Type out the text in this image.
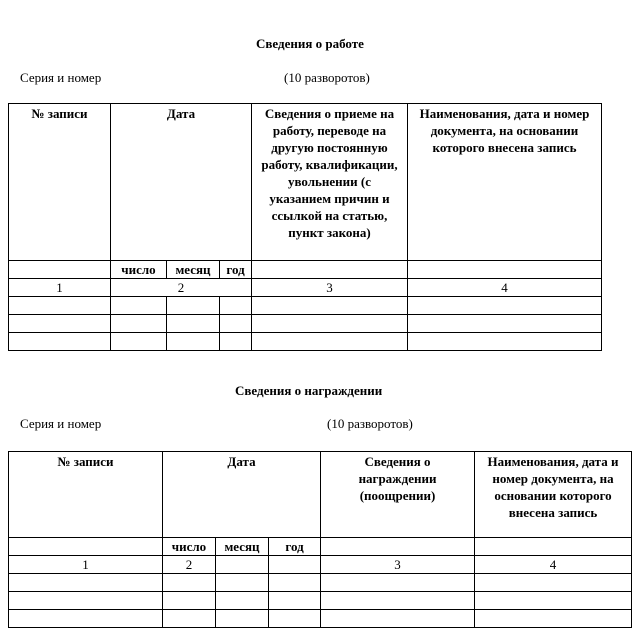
Сведения о работе
Серия и номер	(10 разворотов)
№ записи	Дата			Сведения о приеме на работу, переводе на другую постоянную работу, квалификации, увольнении (с указанием причин и ссылкой на статью, пункт закона)	Наименования, дата и номер документа, на основании которого внесена запись
	число	месяц	год		
1	2			3	4

Сведения о награждении
Серия и номер	(10 разворотов)
№ записи	Дата			Сведения о награждении (поощрении)	Наименования, дата и номер документа, на основании которого внесена запись
	число	месяц	год		
1	2			3	4
